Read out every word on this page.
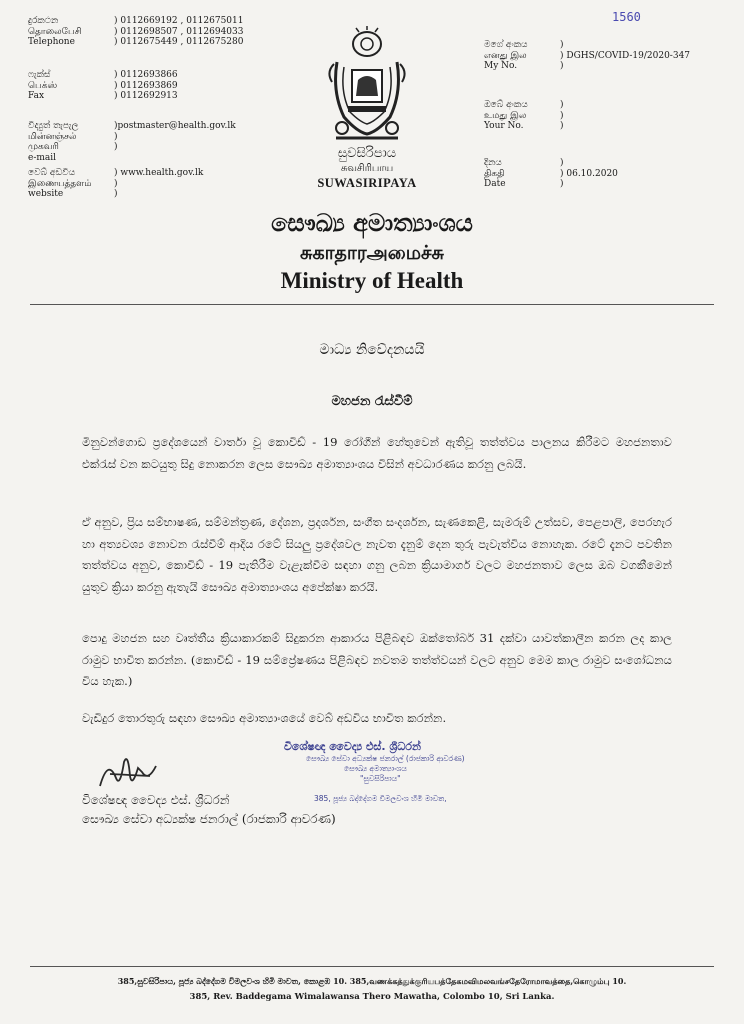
1560
දුරකථන
தொலைபேசி
Telephone
) 0112669192 , 0112675011
) 0112698507 , 0112694033
) 0112675449 , 0112675280
ෆැක්ස්
பெக்ஸ்
Fax
) 0112693866
) 0112693869
) 0112692913
විද්‍යුත් තැපැල
மின்னஞ்சல் முகவரி
e-mail
)postmaster@health.gov.lk
)
)
වෙබ් අඩවිය
இணையத்தளம்
website
) www.health.gov.lk
)
)
සුවසිරිපාය
சுவசிரிபாய
SUWASIRIPAYA
මගේ අංකය
எனது இல
My No.
)
) DGHS/COVID-19/2020-347
)
ඔබේ අංකය
உமது இல
Your No.
)
)
)
දිනය
திகதி
Date
)
) 06.10.2020
)
සෞඛ්‍ය අමාත්‍යාංශය
சுகாதாரஅமைச்சு
Ministry of Health
මාධ්‍ය නිවේදනයයි
මහජන රැස්වීම්
මිනුවන්ගොඩ ප්‍රදේශයෙන් වාර්තා වූ කොවිඩ් - 19 රෝගීන් හේතුවෙන් ඇතිවූ තත්ත්වය පාලනය කිරීමට මහජනතාව එක්රැස් වන කටයුතු සිදු නොකරන ලෙස සෞඛ්‍ය අමාත්‍යාංශය විසින් අවධාරණය කරනු ලබයි.
ඒ අනුව, ප්‍රිය සම්භාෂණ, සම්මන්ත්‍රණ, දේශන, ප්‍රදර්ශන, සංගීත සංදර්ශන, සැණකෙළි, සැමරුම් උත්සව, පෙළපාලි, පෙරහැර හා අත්‍යවශ්‍ය නොවන රැස්වීම් ආදිය රටේ සියලු ප්‍රදේශවල නැවත දැනුම් දෙන තුරු පැවැත්විය නොහැක. රටේ දැනට පවතින තත්ත්වය අනුව, කොවිඩ් - 19 පැතිරීම වැළැක්වීම සඳහා ගනු ලබන ක්‍රියාමාර්ග වලට මහජනතාව ලෙස ඔබ වගකීමෙන් යුතුව ක්‍රියා කරනු ඇතැයි සෞඛ්‍ය අමාත්‍යාංශය අපේක්ෂා කරයි.
පොදු මහජන සහ වෘත්තීය ක්‍රියාකාරකම් සිදුකරන ආකාරය පිළිබඳව ඔක්තෝබර් 31 දක්වා යාවත්කාලීන කරන ලද කාල රාමුව භාවිත කරන්න. (කොවිඩ් - 19 සම්ප්‍රේෂණය පිළිබඳව නවතම තත්ත්වයන් වලට අනුව මෙම කාල රාමුව සංශෝධනය විය හැක.)
වැඩිදුර තොරතුරු සඳහා සෞඛ්‍ය අමාත්‍යාංශයේ වෙබ් අඩවිය භාවිත කරන්න.
විශේෂඥ වෛද්‍ය එස්. ශ්‍රීධරන්
සෞඛ්‍ය සේවා අධ්‍යක්ෂ ජනරාල් (රාජකාරි ආවරණ)
සෞඛ්‍ය අමාත්‍යාංශය
"සුවසිරිපාය"
385, පූජ්‍ය බද්දේගම විමලවංශ හිමි මාවත,
විශේෂඥ වෛද්‍ය එස්. ශ්‍රීධරන්
සෞඛ්‍ය සේවා අධ්‍යක්ෂ ජනරාල් (රාජකාරි ආවරණ)
385,සුවසිරිපාය, පූජ්‍ය බද්දේගම විමලවංශ හිමි මාවත, කොළඹ 10. 385,வணக்கத்துக்குரியபத்தேகமவிமலவங்சதேரோமாவத்தை,கொழும்பு 10.
385, Rev. Baddegama Wimalawansa Thero Mawatha, Colombo 10, Sri Lanka.
